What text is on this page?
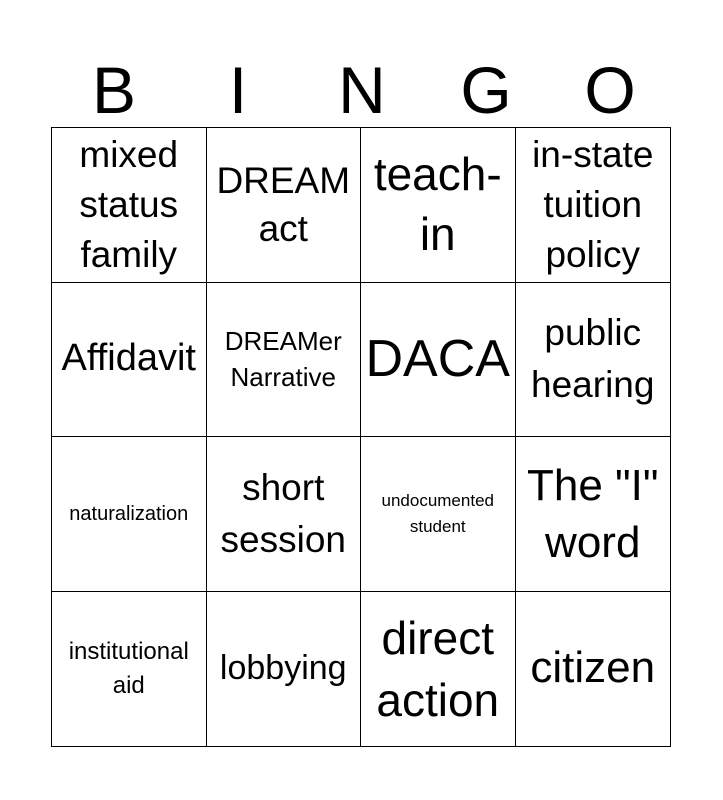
B	I	N	G	O
mixed
status
family
DREAM
act
teach-
in
in-state
tuition
policy
Affidavit DREAMer
Narrative DACA public
hearing
naturalization
short
session
undocumented
student
The "I"
word
institutional
aid	lobbying
direct
action
citizen
